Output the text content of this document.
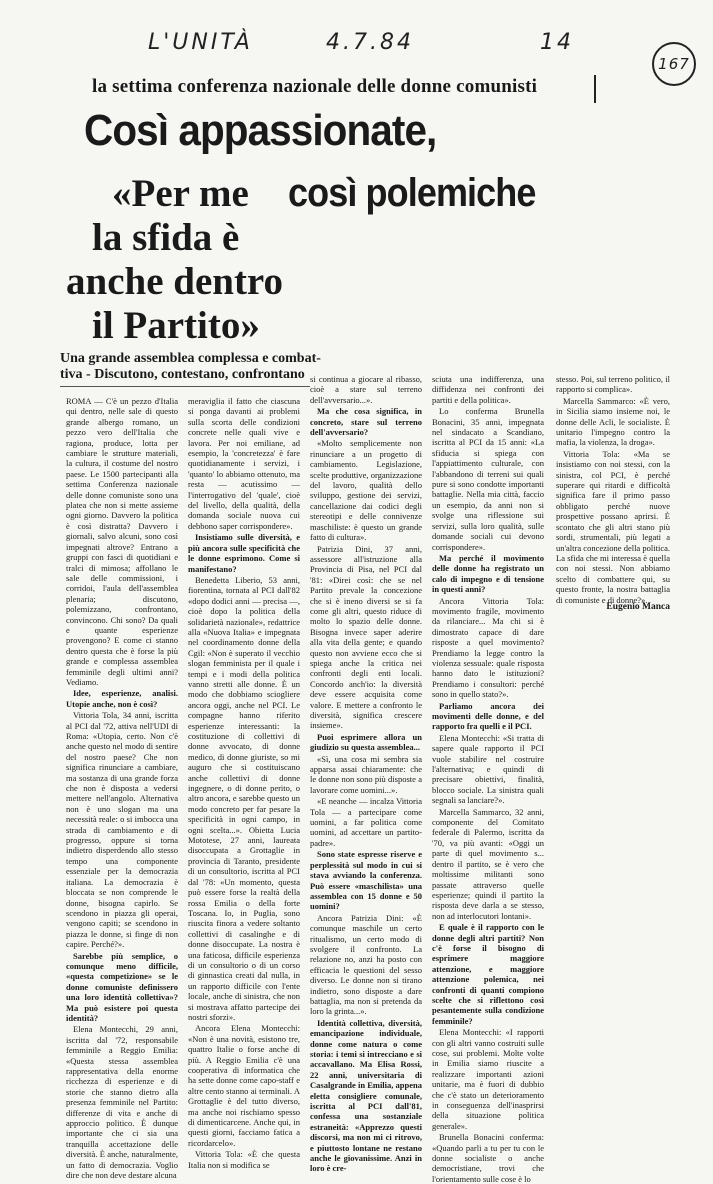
L'UNITÀ	4.7.84	14
167
la settima conferenza nazionale delle donne comunisti
Così appassionate,
così polemiche
«Per me
la sfida è
anche dentro
il Partito»
Una grande assemblea complessa e combat-
tiva - Discutono, contestano, confrontano

ROMA — C'è un pezzo d'Italia qui dentro, nelle sale di questo grande albergo romano, un pezzo vero dell'Italia che ragiona, produce, lotta per cambiare le strutture materiali, la cultura, il costume del nostro paese. Le 1500 partecipanti alla settima Conferenza nazionale delle donne comuniste sono una platea che non si mette assieme ogni giorno. Davvero la politica è così distratta? Davvero i giornali, salvo alcuni, sono così impegnati altrove? Entrano a gruppi con fasci di quotidiani e tralci di mimosa; affollano le sale delle commissioni, i corridoi, l'aula dell'assemblea plenaria; discutono, polemizzano, confrontano, convincono. Chi sono? Da quali e quante esperienze provengono? E come ci stanno dentro questa che è forse la più grande e complessa assemblea femminile degli ultimi anni? Vediamo.

Idee, esperienze, analisi. Utopie anche, non è così?

Vittoria Tola, 34 anni, iscritta al PCI dal '72, attiva nell'UDI di Roma: «Utopia, certo. Non c'è anche questo nel modo di sentire del nostro paese? Che non significa rinunciare a cambiare, ma sostanza di una grande forza che non è disposta a vedersi mettere nell'angolo. Alternativa non è uno slogan ma una necessità reale: o si imbocca una strada di cambiamento e di progresso, oppure si torna indietro disperdendo allo stesso tempo una componente essenziale per la democrazia italiana. La democrazia è bloccata se non comprende le donne, bisogna capirlo. Se scendono in piazza gli operai, vengono capiti; se scendono in piazza le donne, si finge di non capire. Perché?».

Sarebbe più semplice, o comunque meno difficile, «questa competizione» se le donne comuniste definissero una loro identità collettiva»? Ma può esistere poi questa identità?

Elena Montecchi, 29 anni, iscritta dal '72, responsabile femminile a Reggio Emilia: «Questa stessa assemblea rappresentativa della enorme ricchezza di esperienze e di storie che stanno dietro alla presenza femminile nel Partito: differenze di vita e anche di approccio politico. È dunque importante che ci sia una tranquilla accettazione delle diversità. È anche, naturalmente, un fatto di democrazia. Voglio dire che non deve destare alcuna

meraviglia il fatto che ciascuna si ponga davanti ai problemi sulla scorta delle condizioni concrete nelle quali vive e lavora. Per noi emiliane, ad esempio, la 'concretezza' è fare quotidianamente i servizi, i 'quanto' lo abbiamo ottenuto, ma resta — acutissimo — l'interrogativo del 'quale', cioè del livello, della qualità, della domanda sociale nuova cui debbono saper corrispondere».

Insistiamo sulle diversità, e più ancora sulle specificità che le donne esprimono. Come si manifestano?

Benedetta Liberio, 53 anni, fiorentina, tornata al PCI dall'82 «dopo dodici anni — precisa —, cioè dopo la politica della solidarietà nazionale», redattrice alla «Nuova Italia» e impegnata nel coordinamento donne della Cgil: «Non è superato il vecchio slogan femminista per il quale i tempi e i modi della politica vanno stretti alle donne. È un modo che dobbiamo sciogliere ancora oggi, anche nel PCI. Le compagne hanno riferito esperienze interessanti: la costituzione di collettivi di donne avvocato, di donne medico, di donne giuriste, so mi auguro che si costituiscano anche collettivi di donne ingegnere, o di donne perito, o altro ancora, e sarebbe questo un modo concreto per far pesare la specificità in ogni campo, in ogni scelta...». Obietta Lucia Mototese, 27 anni, laureata disoccupata a Grottaglie in provincia di Taranto, presidente di un consultorio, iscritta al PCI dal '78: «Un momento, questa può essere forse la realtà della rossa Emilia o della forte Toscana. Io, in Puglia, sono riuscita finora a vedere soltanto collettivi di casalinghe e di donne disoccupate. La nostra è una faticosa, difficile esperienza di un consultorio o di un corso di ginnastica creati dal nulla, in un rapporto difficile con l'ente locale, anche di sinistra, che non si mostrava affatto partecipe dei nostri sforzi».

Ancora Elena Montecchi: «Non è una novità, esistono tre, quattro Italie o forse anche di più. A Reggio Emilia c'è una cooperativa di informatica che ha sette donne come capo-staff e altre cento stanno ai terminali. A Grottaglie è del tutto diverso, ma anche noi rischiamo spesso di dimenticarcene. Anche qui, in questi giorni, facciamo fatica a ricordarcelo».

Vittoria Tola: «È che questa Italia non si modifica se

si continua a giocare al ribasso, cioè a stare sul terreno dell'avversario...».

Ma che cosa significa, in concreto, stare sul terreno dell'avversario?

«Molto semplicemente non rinunciare a un progetto di cambiamento. Legislazione, scelte produttive, organizzazione del lavoro, qualità dello sviluppo, gestione dei servizi, cancellazione dai codici degli stereotipi e delle connivenze maschiliste: è questo un grande fatto di cultura».

Patrizia Dini, 37 anni, assessore all'istruzione alla Provincia di Pisa, nel PCI dal '81: «Direi così: che se nel Partito prevale la concezione che si è ineno diversi se si fa come gli altri, questo riduce di molto lo spazio delle donne. Bisogna invece saper aderire alla vita della gente; e quando questo non avviene ecco che si spiega anche la critica nei confronti degli enti locali. Concordo anch'io: la diversità deve essere acquisita come valore. E mettere a confronto le diversità, significa crescere insieme».

Puoi esprimere allora un giudizio su questa assemblea...

«Sì, una cosa mi sembra sia apparsa assai chiaramente: che le donne non sono più disposte a lavorare come uomini...».

«E neanche — incalza Vittoria Tola — a partecipare come uomini, a far politica come uomini, ad accettare un partito-padre».

Sono state espresse riserve e perplessità sul modo in cui si stava avviando la conferenza. Può essere «maschilista» una assemblea con 15 donne e 50 uomini?

Ancora Patrizia Dini: «È comunque maschile un certo ritualismo, un certo modo di svolgere il confronto. La relazione no, anzi ha posto con efficacia le questioni del sesso diverso. Le donne non si tirano indietro, sono disposte a dare battaglia, ma non si pretenda da loro la grinta...».

Identità collettiva, diversità, emancipazione individuale, donne come natura o come storia: i temi si intrecciano e si accavallano. Ma Elisa Rossi, 22 anni, universitaria di Casalgrande in Emilia, appena eletta consigliere comunale, iscritta al PCI dall'81, confessa una sostanziale estraneità: «Apprezzo questi discorsi, ma non mi ci ritrovo, e piuttosto lontane ne restano anche le giovanissime. Anzi in loro è cre-

sciuta una indifferenza, una diffidenza nei confronti dei partiti e della politica».

Lo conferma Brunella Bonacini, 35 anni, impegnata nel sindacato a Scandiano, iscritta al PCI da 15 anni: «La sfiducia si spiega con l'appiattimento culturale, con l'abbandono di terreni sui quali pure si sono condotte importanti battaglie. Nella mia città, faccio un esempio, da anni non si svolge una riflessione sui servizi, sulla loro qualità, sulle domande sociali cui devono corrispondere».

Ma perché il movimento delle donne ha registrato un calo di impegno e di tensione in questi anni?

Ancora Vittoria Tola: movimento fragile, movimento da rilanciare... Ma chi si è dimostrato capace di dare risposte a quel movimento? Prendiamo la legge contro la violenza sessuale: quale risposta hanno dato le istituzioni? Prendiamo i consultori: perché sono in quello stato?».

Parliamo ancora dei movimenti delle donne, e del rapporto fra quelli e il PCI.

Elena Montecchi: «Si tratta di sapere quale rapporto il PCI vuole stabilire nel costruire l'alternativa; e quindi di precisare obiettivi, finalità, blocco sociale. La sinistra quali segnali sa lanciare?».

Marcella Sammarco, 32 anni, componente del Comitato federale di Palermo, iscritta da '70, va più avanti: «Oggi un parte di quel movimento s... dentro il partito, se è vero che moltissime militanti sono passate attraverso quelle esperienze; quindi il partito la risposta deve darla a se stesso, non ad interlocutori lontani».

E quale è il rapporto con le donne degli altri partiti? Non c'è forse il bisogno di esprimere maggiore attenzione, e maggiore attenzione polemica, nei confronti di quanti compiono scelte che si riflettono così pesantemente sulla condizione femminile?

Elena Montecchi: «I rapporti con gli altri vanno costruiti sulle cose, sui problemi. Molte volte in Emilia siamo riuscite a realizzare importanti azioni unitarie, ma è fuori di dubbio che c'è stato un deterioramento in conseguenza dell'inasprirsi della situazione politica generale».

Brunella Bonacini conferma: «Quando parli a tu per tu con le donne socialiste o anche democristiane, trovi che l'orientamento sulle cose è lo

stesso. Poi, sul terreno politico, il rapporto si complica».

Marcella Sammarco: «È vero, in Sicilia siamo insieme noi, le donne delle Acli, le socialiste. È unitario l'impegno contro la mafia, la violenza, la droga».

Vittoria Tola: «Ma se insistiamo con noi stessi, con la sinistra, col PCI, è perché superare qui ritardi e difficoltà significa fare il primo passo obbligato perché nuove prospettive possano aprirsi. È scontato che gli altri stano più sordi, strumentali, più legati a un'altra concezione della politica. La sfida che mi interessa è quella con noi stessi. Non abbiamo scelto di combattere qui, su questo fronte, la nostra battaglia di comuniste e di donne?».

Eugenio Manca
